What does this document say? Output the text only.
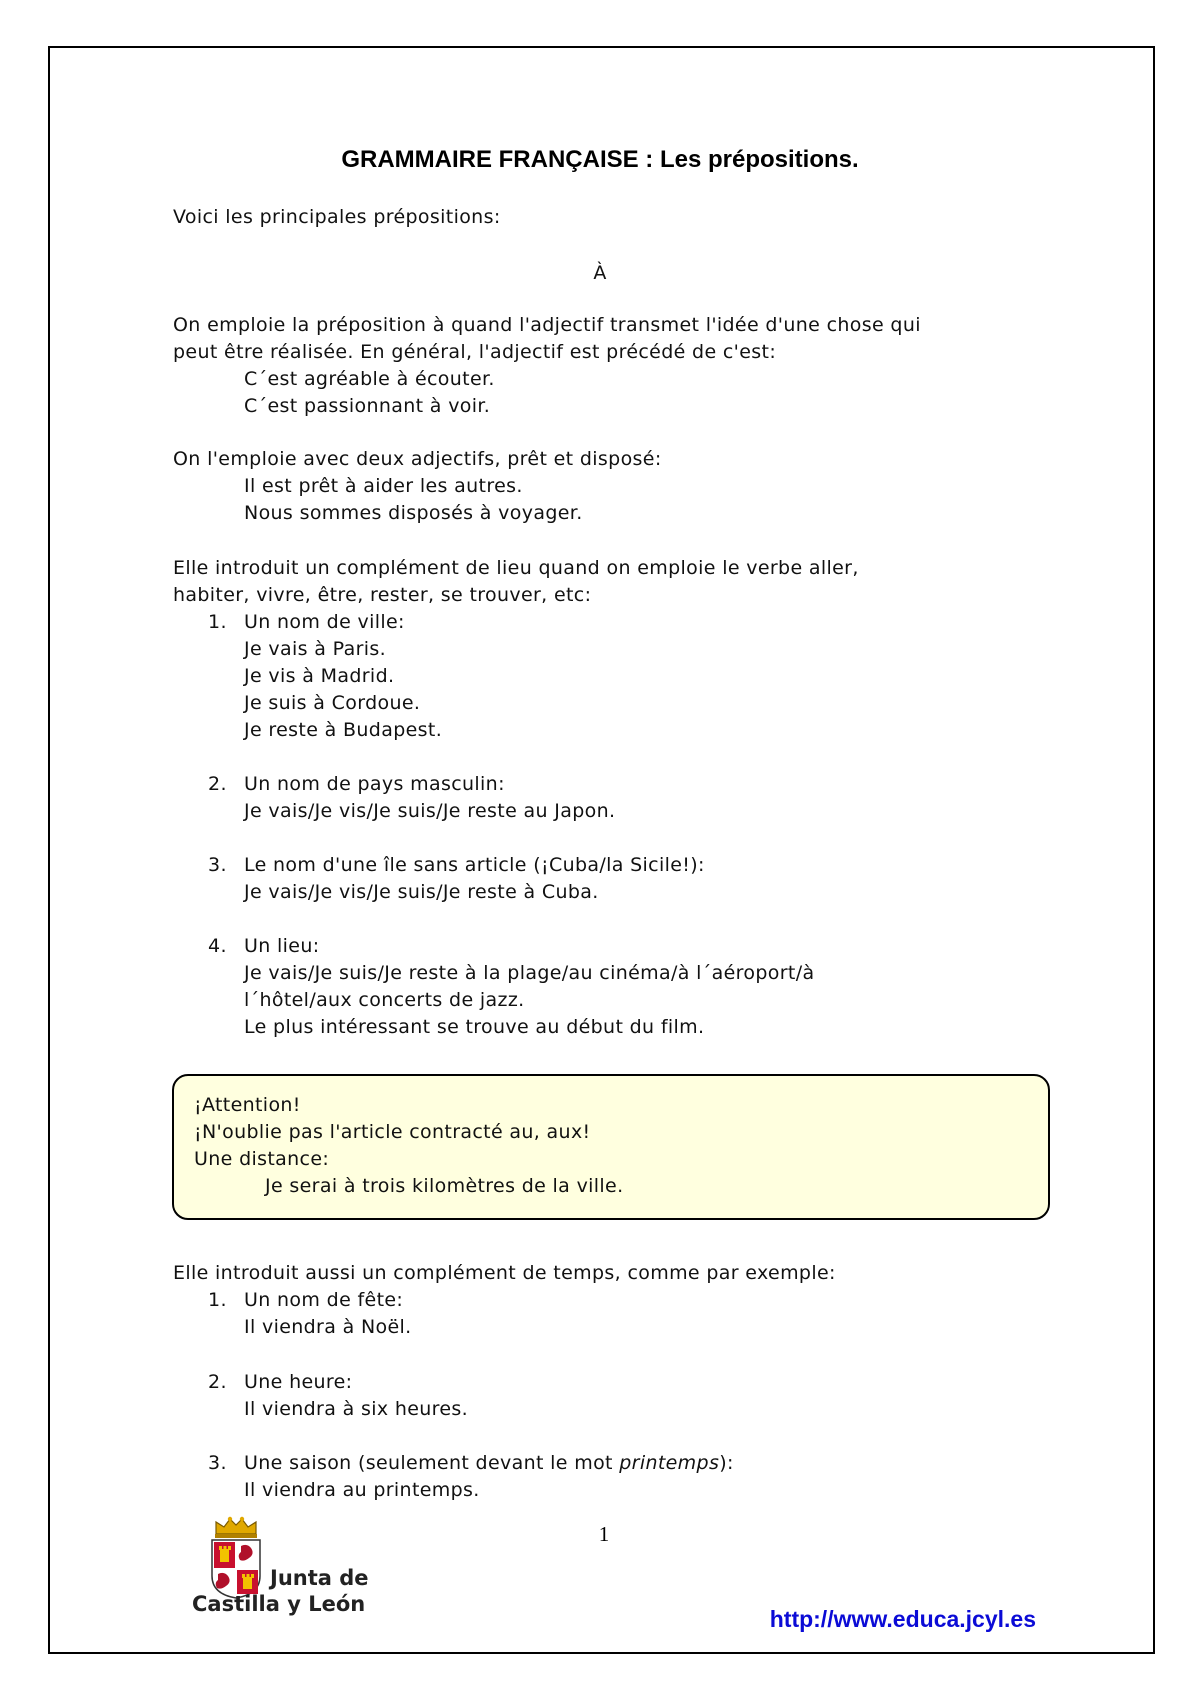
GRAMMAIRE FRANÇAISE : Les prépositions.
Voici les principales prépositions:
À
On emploie la préposition à quand l'adjectif transmet l'idée d'une chose qui
peut être réalisée. En général, l'adjectif est précédé de c'est:
C´est agréable à écouter.
C´est passionnant à voir.
On l'emploie avec deux adjectifs, prêt et disposé:
Il est prêt à aider les autres.
Nous sommes disposés à voyager.
Elle introduit un complément de lieu quand on emploie le verbe aller,
habiter, vivre, être, rester, se trouver, etc:
1. Un nom de ville:
Je vais à Paris.
Je vis à Madrid.
Je suis à Cordoue.
Je reste à Budapest.
2. Un nom de pays masculin:
Je vais/Je vis/Je suis/Je reste au Japon.
3. Le nom d'une île sans article (¡Cuba/la Sicile!):
Je vais/Je vis/Je suis/Je reste à Cuba.
4. Un lieu:
Je vais/Je suis/Je reste à la plage/au cinéma/à l´aéroport/à
l´hôtel/aux concerts de jazz.
Le plus intéressant se trouve au début du film.
¡Attention!
¡N'oublie pas l'article contracté au, aux!
Une distance:
Je serai à trois kilomètres de la ville.
Elle introduit aussi un complément de temps, comme par exemple:
1. Un nom de fête:
Il viendra à Noël.
2. Une heure:
Il viendra à six heures.
3. Une saison (seulement devant le mot printemps):
Il viendra au printemps.
1
Junta de
Castilla y León
http://www.educa.jcyl.es
